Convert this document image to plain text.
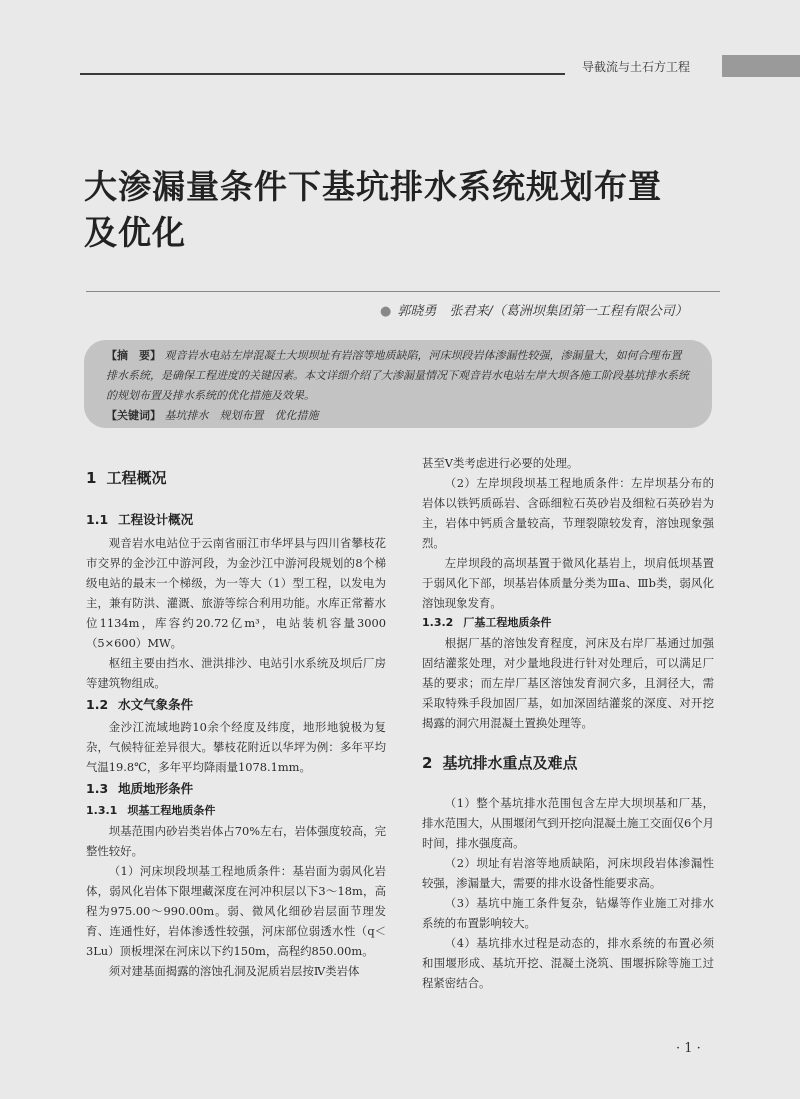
导截流与土石方工程
大渗漏量条件下基坑排水系统规划布置
及优化
● 郭晓勇　张君来/（葛洲坝集团第一工程有限公司）
【摘　要】 观音岩水电站左岸混凝土大坝坝址有岩溶等地质缺陷，河床坝段岩体渗漏性较强，渗漏量大，如何合理布置排水系统，是确保工程进度的关键因素。本文详细介绍了大渗漏量情况下观音岩水电站左岸大坝各施工阶段基坑排水系统的规划布置及排水系统的优化措施及效果。
【关键词】 基坑排水　规划布置　优化措施
1 工程概况
1.1 工程设计概况

观音岩水电站位于云南省丽江市华坪县与四川省攀枝花市交界的金沙江中游河段，为金沙江中游河段规划的8个梯级电站的最末一个梯级，为一等大（1）型工程，以发电为主，兼有防洪、灌溉、旅游等综合利用功能。水库正常蓄水位1134m，库容约20.72亿m³，电站装机容量3000（5×600）MW。

枢纽主要由挡水、泄洪排沙、电站引水系统及坝后厂房等建筑物组成。

1.2 水文气象条件

金沙江流域地跨10余个经度及纬度，地形地貌极为复杂，气候特征差异很大。攀枝花附近以华坪为例：多年平均气温19.8℃，多年平均降雨量1078.1mm。

1.3 地质地形条件
1.3.1 坝基工程地质条件

坝基范围内砂岩类岩体占70%左右，岩体强度较高，完整性较好。

（1）河床坝段坝基工程地质条件：基岩面为弱风化岩体，弱风化岩体下限埋藏深度在河冲积层以下3～18m，高程为975.00～990.00m。弱、微风化细砂岩层面节理发育、连通性好，岩体渗透性较强，河床部位弱透水性（q＜3Lu）顶板埋深在河床以下约150m，高程约850.00m。

须对建基面揭露的溶蚀孔洞及泥质岩层按Ⅳ类岩体

甚至Ⅴ类考虑进行必要的处理。

（2）左岸坝段坝基工程地质条件：左岸坝基分布的岩体以铁钙质砾岩、含砾细粒石英砂岩及细粒石英砂岩为主，岩体中钙质含量较高，节理裂隙较发育，溶蚀现象强烈。

左岸坝段的高坝基置于微风化基岩上，坝肩低坝基置于弱风化下部，坝基岩体质量分类为Ⅲa、Ⅲb类，弱风化溶蚀现象发育。

1.3.2 厂基工程地质条件

根据厂基的溶蚀发育程度，河床及右岸厂基通过加强固结灌浆处理，对少量地段进行针对处理后，可以满足厂基的要求；而左岸厂基区溶蚀发育洞穴多，且洞径大，需采取特殊手段加固厂基，如加深固结灌浆的深度、对开挖揭露的洞穴用混凝土置换处理等。

2 基坑排水重点及难点

（1）整个基坑排水范围包含左岸大坝坝基和厂基，排水范围大，从围堰闭气到开挖向混凝土施工交面仅6个月时间，排水强度高。

（2）坝址有岩溶等地质缺陷，河床坝段岩体渗漏性较强，渗漏量大，需要的排水设备性能要求高。

（3）基坑中施工条件复杂，钻爆等作业施工对排水系统的布置影响较大。

（4）基坑排水过程是动态的，排水系统的布置必须和围堰形成、基坑开挖、混凝土浇筑、围堰拆除等施工过程紧密结合。

· 1 ·
